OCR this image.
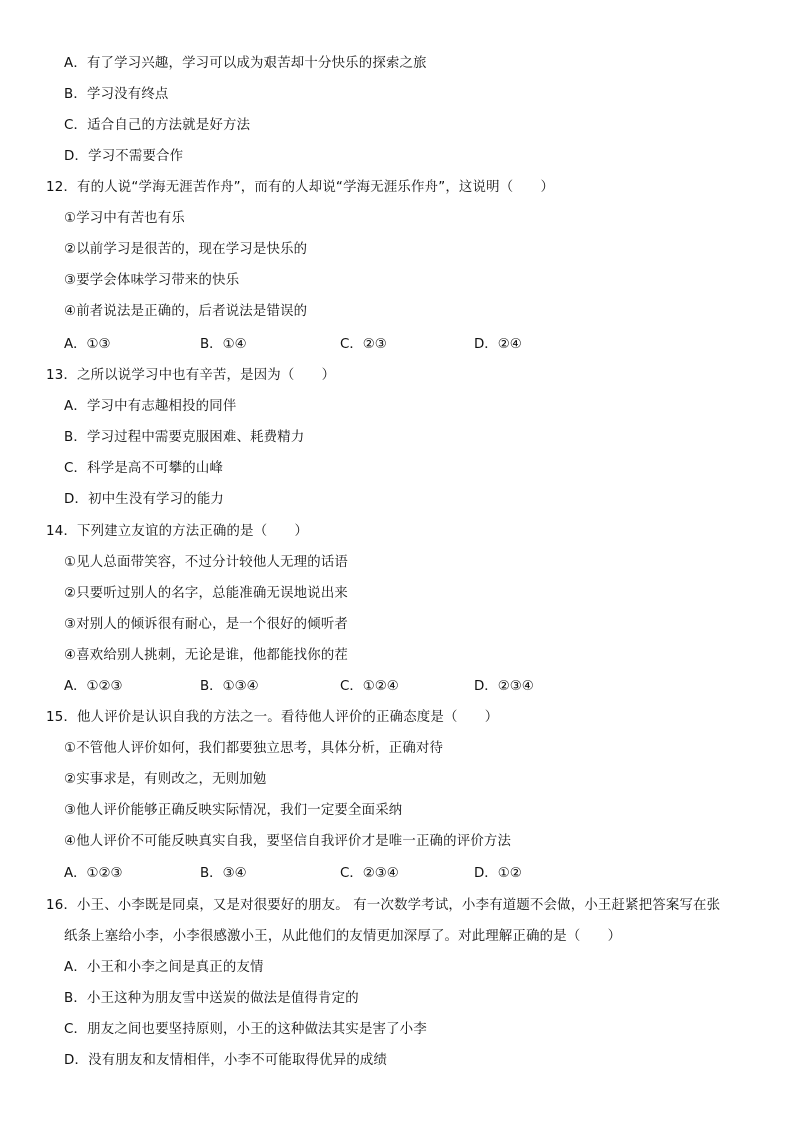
A．有了学习兴趣，学习可以成为艰苦却十分快乐的探索之旅
B．学习没有终点
C．适合自己的方法就是好方法
D．学习不需要合作
12．有的人说“学海无涯苦作舟”，而有的人却说“学海无涯乐作舟”，这说明（　　）
①学习中有苦也有乐
②以前学习是很苦的，现在学习是快乐的
③要学会体味学习带来的快乐
④前者说法是正确的，后者说法是错误的
A．①③	B．①④	C．②③	D．②④
13．之所以说学习中也有辛苦，是因为（　　）
A．学习中有志趣相投的同伴
B．学习过程中需要克服困难、耗费精力
C．科学是高不可攀的山峰
D．初中生没有学习的能力
14．下列建立友谊的方法正确的是（　　）
①见人总面带笑容，不过分计较他人无理的话语
②只要听过别人的名字，总能准确无误地说出来
③对别人的倾诉很有耐心，是一个很好的倾听者
④喜欢给别人挑刺，无论是谁，他都能找你的茬
A．①②③	B．①③④	C．①②④	D．②③④
15．他人评价是认识自我的方法之一。看待他人评价的正确态度是（　　）
①不管他人评价如何，我们都要独立思考，具体分析，正确对待
②实事求是，有则改之，无则加勉
③他人评价能够正确反映实际情况，我们一定要全面采纳
④他人评价不可能反映真实自我，要坚信自我评价才是唯一正确的评价方法
A．①②③	B．③④	C．②③④	D．①②
16．小王、小李既是同桌，又是对很要好的朋友。 有一次数学考试，小李有道题不会做，小王赶紧把答案写在张
纸条上塞给小李，小李很感激小王，从此他们的友情更加深厚了。对此理解正确的是（　　）
A．小王和小李之间是真正的友情
B．小王这种为朋友雪中送炭的做法是值得肯定的
C．朋友之间也要坚持原则，小王的这种做法其实是害了小李
D．没有朋友和友情相伴，小李不可能取得优异的成绩
